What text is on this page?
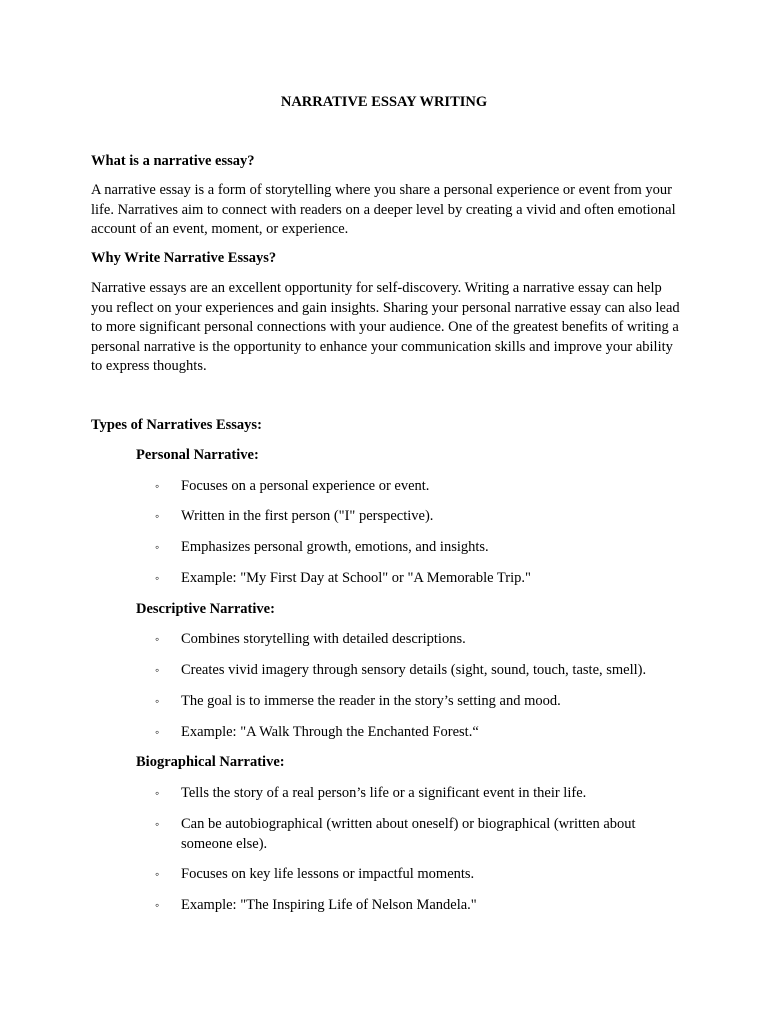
NARRATIVE ESSAY WRITING
What is a narrative essay?
A narrative essay is a form of storytelling where you share a personal experience or event from your life. Narratives aim to connect with readers on a deeper level by creating a vivid and often emotional account of an event, moment, or experience.
Why Write Narrative Essays?
Narrative essays are an excellent opportunity for self-discovery. Writing a narrative essay can help you reflect on your experiences and gain insights. Sharing your personal narrative essay can also lead to more significant personal connections with your audience. One of the greatest benefits of writing a personal narrative is the opportunity to enhance your communication skills and improve your ability to express thoughts.
Types of Narratives Essays:
Personal Narrative:
◦ Focuses on a personal experience or event.
◦ Written in the first person ("I" perspective).
◦ Emphasizes personal growth, emotions, and insights.
◦ Example: "My First Day at School" or "A Memorable Trip."
Descriptive Narrative:
◦ Combines storytelling with detailed descriptions.
◦ Creates vivid imagery through sensory details (sight, sound, touch, taste, smell).
◦ The goal is to immerse the reader in the story’s setting and mood.
◦ Example: "A Walk Through the Enchanted Forest.“
Biographical Narrative:
◦ Tells the story of a real person’s life or a significant event in their life.
◦ Can be autobiographical (written about oneself) or biographical (written about someone else).
◦ Focuses on key life lessons or impactful moments.
◦ Example: "The Inspiring Life of Nelson Mandela."
